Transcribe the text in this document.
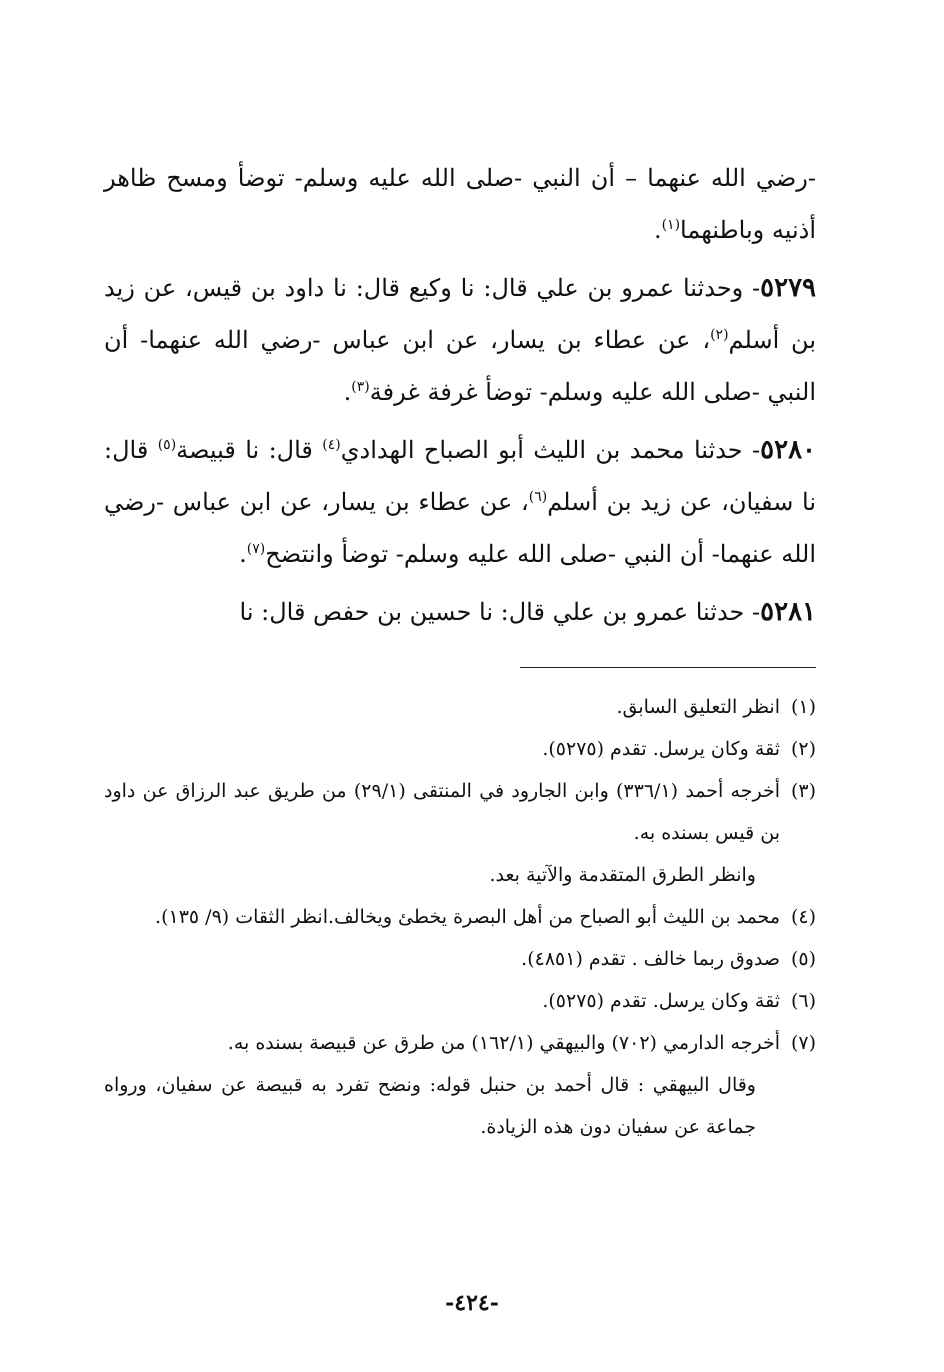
-رضي الله عنهما – أن النبي -صلى الله عليه وسلم- توضأ ومسح ظاهر أذنيه وباطنهما$^{(١)}$.

٥٢٧٩- وحدثنا عمرو بن علي قال: نا وكيع قال: نا داود بن قيس، عن زيد بن أسلم$^{(٢)}$، عن عطاء بن يسار، عن ابن عباس -رضي الله عنهما- أن النبي -صلى الله عليه وسلم- توضأ غرفة غرفة$^{(٣)}$.

٥٢٨٠- حدثنا محمد بن الليث أبو الصباح الهدادي$^{(٤)}$ قال: نا قبيصة$^{(٥)}$ قال: نا سفيان، عن زيد بن أسلم$^{(٦)}$، عن عطاء بن يسار، عن ابن عباس -رضي الله عنهما- أن النبي -صلى الله عليه وسلم- توضأ وانتضح$^{(٧)}$.

٥٢٨١- حدثنا عمرو بن علي قال: نا حسين بن حفص قال: نا

(١)
انظر التعليق السابق.

(٢)
ثقة وكان يرسل. تقدم (٥٢٧٥).

(٣)
أخرجه أحمد (٣٣٦/١) وابن الجارود في المنتقى (٢٩/١) من طريق عبد الرزاق عن داود بن قيس بسنده به.
وانظر الطرق المتقدمة والآتية بعد.

(٤)
محمد بن الليث أبو الصباح من أهل البصرة يخطئ ويخالف.انظر الثقات (٩/ ١٣٥).

(٥)
صدوق ربما خالف . تقدم (٤٨٥١).

(٦)
ثقة وكان يرسل. تقدم (٥٢٧٥).

(٧)
أخرجه الدارمي (٧٠٢) والبيهقي (١٦٢/١) من طرق عن قبيصة بسنده به.
وقال البيهقي : قال أحمد بن حنبل قوله: ونضح تفرد به قبيصة عن سفيان، ورواه جماعة عن سفيان دون هذه الزيادة.

-٤٢٤-
